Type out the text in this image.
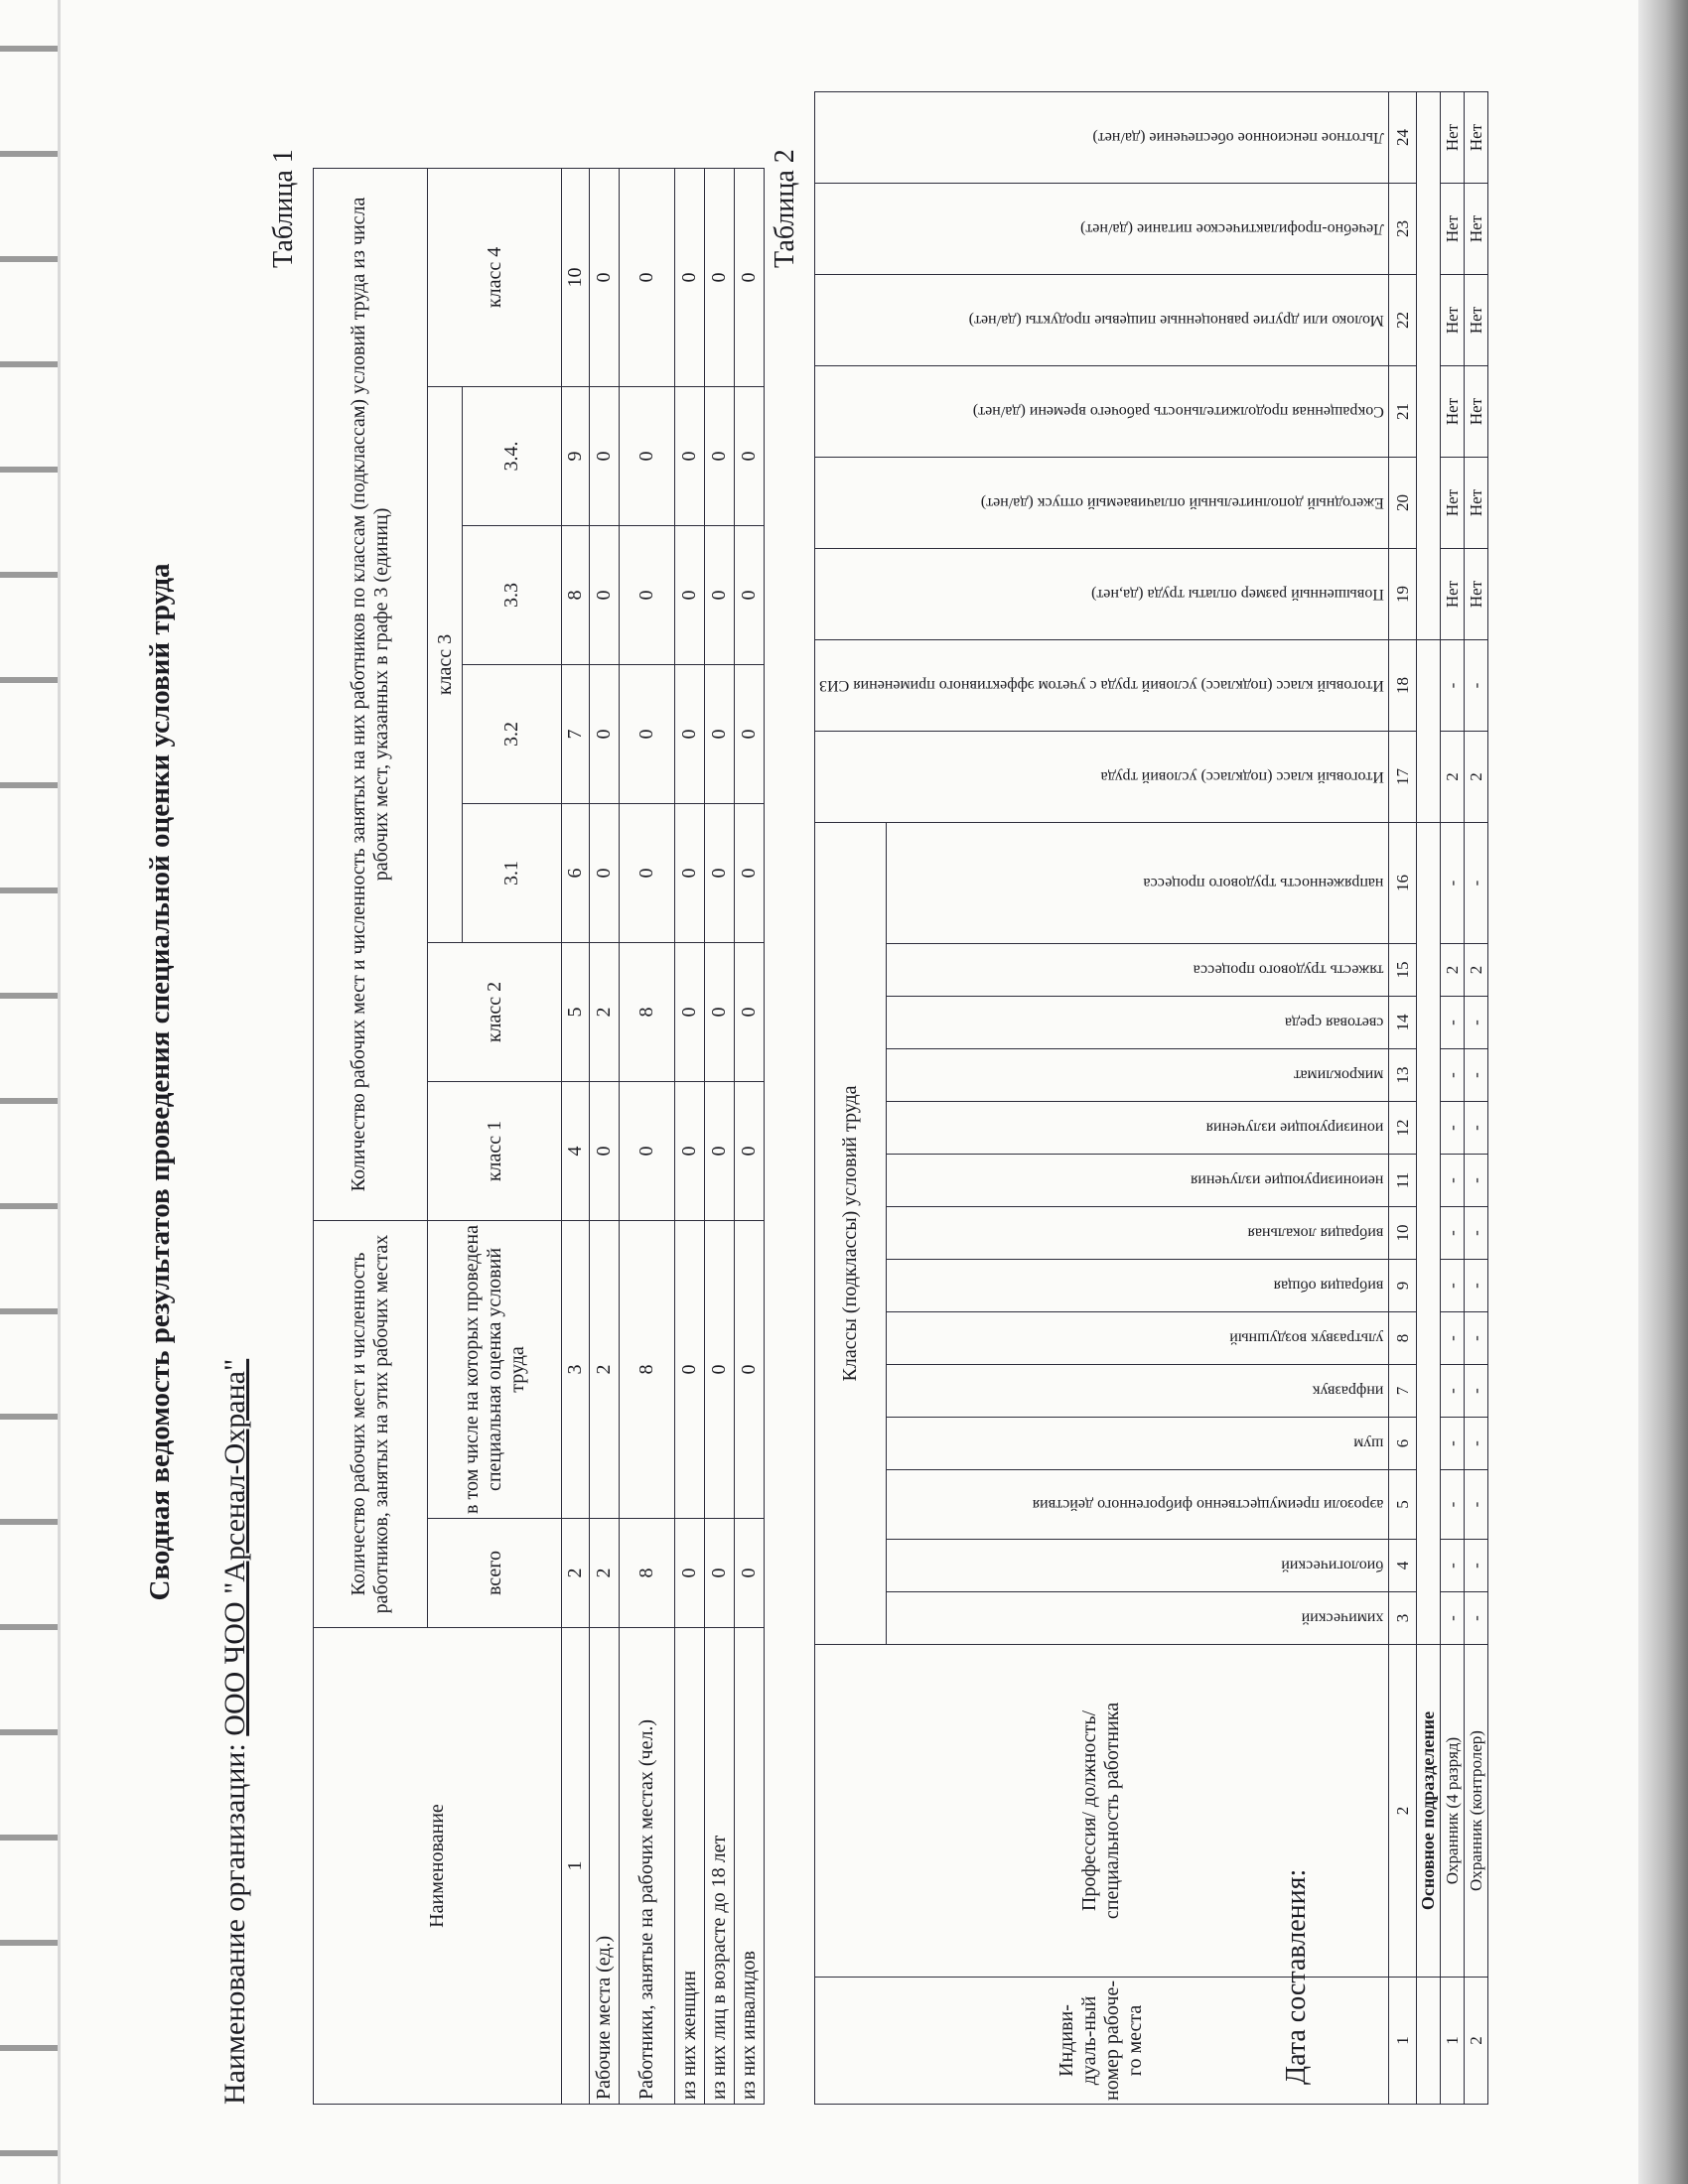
Сводная ведомость результатов проведения специальной оценки условий труда
Наименование организации: ООО ЧОО "Арсенал-Охрана"
Таблица 1
Наименование	Количество рабочих мест и численность работников, занятых на этих рабочих местах		Количество рабочих мест и численность занятых на них работников по классам (подклассам) условий труда из числа рабочих мест, указанных в графе 3 (единиц)						
	всего	в том числе на которых проведена специальная оценка условий труда	класс 1	класс 2	класс 3				класс 4
					3.1	3.2	3.3	3.4.	
1	2	3	4	5	6	7	8	9	10
Рабочие места (ед.)	2	2	0	2	0	0	0	0	0
Работники, занятые на рабочих местах (чел.)	8	8	0	8	0	0	0	0	0
из них женщин	0	0	0	0	0	0	0	0	0
из них лиц в возрасте до 18 лет	0	0	0	0	0	0	0	0	0
из них инвалидов	0	0	0	0	0	0	0	0	0
Таблица 2
Индиви-дуаль-ный номер рабоче-го места	Профессия/ должность/ специальность работника	Классы (подклассы) условий труда														Итоговый класс (подкласс) условий труда	Итоговый класс (подкласс) условий труда с учетом эффективного применения СИЗ	Повышенный размер оплаты труда (да,нет)	Ежегодный дополнительный оплачиваемый отпуск (да/нет)	Сокращенная продолжительность рабочего времени (да/нет)	Молоко или другие равноценные пищевые продукты (да/нет)	Лечебно-профилактическое питание (да/нет)	Льготное пенсионное обеспечение (да/нет)
		химический	биологический	аэрозоли преимущественно фиброгенного действия	шум	инфразвук	ультразвук воздушный	вибрация общая	вибрация локальная	неионизирующие излучения	ионизирующие излучения	микроклимат	световая среда	тяжесть трудового процесса	напряженность трудового процесса								
1	2	3	4	5	6	7	8	9	10	11	12	13	14	15	16	17	18	19	20	21	22	23	24
	Основное подразделение																						
1	Охранник (4 разряд)	-	-	-	-	-	-	-	-	-	-	-	-	2	-	2	-	Нет	Нет	Нет	Нет	Нет	Нет
2	Охранник (контролер)	-	-	-	-	-	-	-	-	-	-	-	-	2	-	2	-	Нет	Нет	Нет	Нет	Нет	Нет
Дата составления:
